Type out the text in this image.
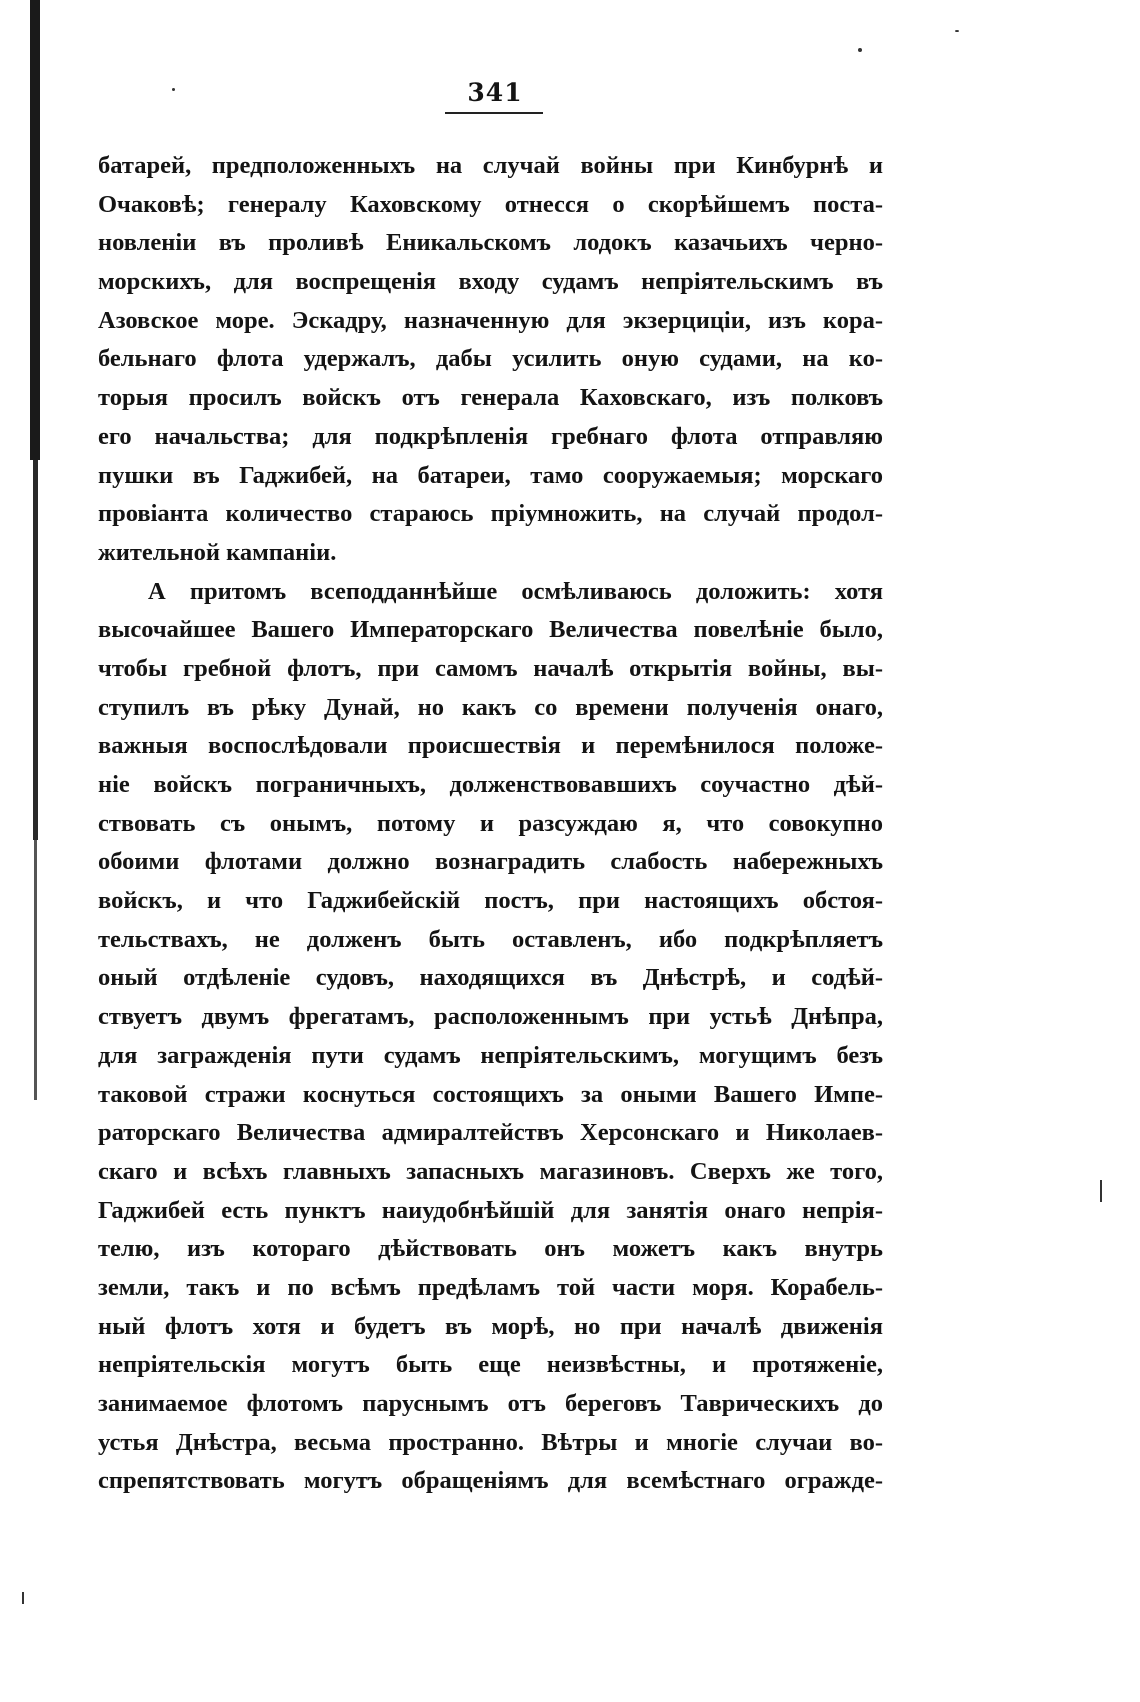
341
батарей, предположенныхъ на случай войны при Кинбурнѣ и
Очаковѣ; генералу Каховскому отнесся о скорѣйшемъ поста-
новленіи въ проливѣ Еникальскомъ лодокъ казачьихъ черно-
морскихъ, для воспрещенія входу судамъ непріятельскимъ въ
Азовское море. Эскадру, назначенную для экзерциціи, изъ кора-
бельнаго флота удержалъ, дабы усилить оную судами, на ко-
торыя просилъ войскъ отъ генерала Каховскаго, изъ полковъ
его начальства; для подкрѣпленія гребнаго флота отправляю
пушки въ Гаджибей, на батареи, тамо сооружаемыя; морскаго
провіанта количество стараюсь пріумножить, на случай продол-
жительной кампаніи.
А притомъ всеподданнѣйше осмѣливаюсь доложить: хотя
высочайшее Вашего Императорскаго Величества повелѣніе было,
чтобы гребной флотъ, при самомъ началѣ открытія войны, вы-
ступилъ въ рѣку Дунай, но какъ со времени полученія онаго,
важныя воспослѣдовали происшествія и перемѣнилося положе-
ніе войскъ пограничныхъ, долженствовавшихъ соучастно дѣй-
ствовать съ онымъ, потому и разсуждаю я, что совокупно
обоими флотами должно вознаградить слабость набережныхъ
войскъ, и что Гаджибейскій постъ, при настоящихъ обстоя-
тельствахъ, не долженъ быть оставленъ, ибо подкрѣпляетъ
оный отдѣленіе судовъ, находящихся въ Днѣстрѣ, и содѣй-
ствуетъ двумъ фрегатамъ, расположеннымъ при устьѣ Днѣпра,
для загражденія пути судамъ непріятельскимъ, могущимъ безъ
таковой стражи коснуться состоящихъ за оными Вашего Импе-
раторскаго Величества адмиралтействъ Херсонскаго и Николаев-
скаго и всѣхъ главныхъ запасныхъ магазиновъ. Сверхъ же того,
Гаджибей есть пунктъ наиудобнѣйшій для занятія онаго непрія-
телю, изъ котораго дѣйствовать онъ можетъ какъ внутрь
земли, такъ и по всѣмъ предѣламъ той части моря. Корабель-
ный флотъ хотя и будетъ въ морѣ, но при началѣ движенія
непріятельскія могутъ быть еще неизвѣстны, и протяженіе,
занимаемое флотомъ паруснымъ отъ береговъ Таврическихъ до
устья Днѣстра, весьма пространно. Вѣтры и многіе случаи во-
спрепятствовать могутъ обращеніямъ для всемѣстнаго огражде-
